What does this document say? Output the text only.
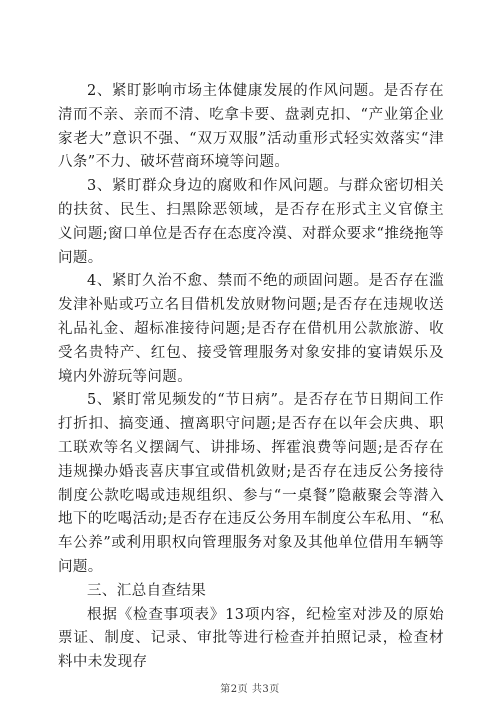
2、紧盯影响市场主体健康发展的作风问题。是否存在清而不亲、亲而不清、吃拿卡要、盘剥克扣、“产业第企业家老大”意识不强、“双万双服”活动重形式轻实效落实“津八条”不力、破坏营商环境等问题。

3、紧盯群众身边的腐败和作风问题。与群众密切相关的扶贫、民生、扫黑除恶领域，是否存在形式主义官僚主义问题;窗口单位是否存在态度冷漠、对群众要求“推绕拖等问题。

4、紧盯久治不愈、禁而不绝的顽固问题。是否存在滥发津补贴或巧立名目借机发放财物问题;是否存在违规收送礼品礼金、超标准接待问题;是否存在借机用公款旅游、收受名贵特产、红包、接受管理服务对象安排的宴请娱乐及境内外游玩等问题。

5、紧盯常见频发的“节日病”。是否存在节日期间工作打折扣、搞变通、擅离职守问题;是否存在以年会庆典、职工联欢等名义摆阔气、讲排场、挥霍浪费等问题;是否存在违规操办婚丧喜庆事宜或借机敛财;是否存在违反公务接待制度公款吃喝或违规组织、参与“一桌餐”隐蔽聚会等潜入地下的吃喝活动;是否存在违反公务用车制度公车私用、“私车公养”或利用职权向管理服务对象及其他单位借用车辆等问题。

三、汇总自查结果

根据《检查事项表》13项内容，纪检室对涉及的原始票证、制度、记录、审批等进行检查并拍照记录，检查材料中未发现存

第2页 共3页
